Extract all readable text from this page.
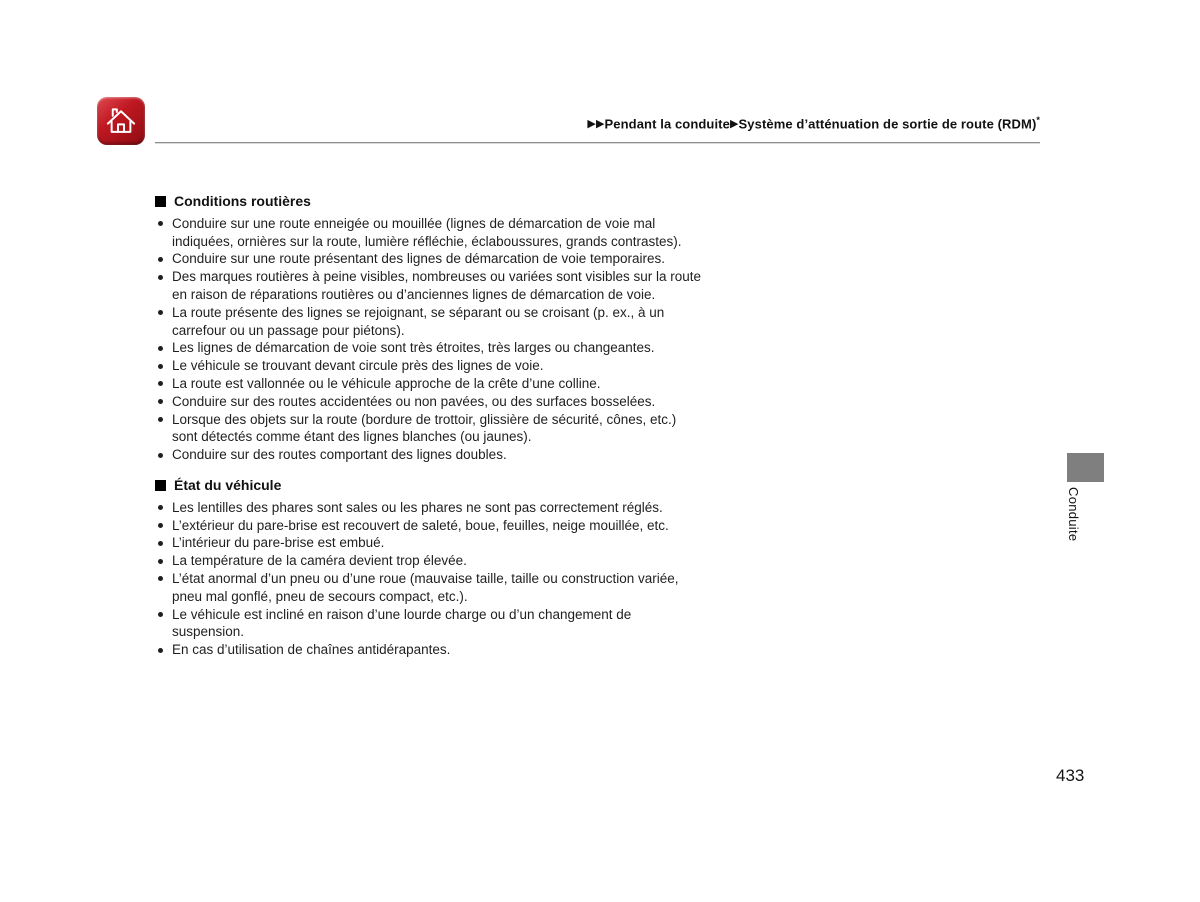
▶▶Pendant la conduite▶Système d’atténuation de sortie de route (RDM)*
Conditions routières
Conduire sur une route enneigée ou mouillée (lignes de démarcation de voie mal indiquées, ornières sur la route, lumière réfléchie, éclaboussures, grands contrastes).
Conduire sur une route présentant des lignes de démarcation de voie temporaires.
Des marques routières à peine visibles, nombreuses ou variées sont visibles sur la route en raison de réparations routières ou d’anciennes lignes de démarcation de voie.
La route présente des lignes se rejoignant, se séparant ou se croisant (p. ex., à un carrefour ou un passage pour piétons).
Les lignes de démarcation de voie sont très étroites, très larges ou changeantes.
Le véhicule se trouvant devant circule près des lignes de voie.
La route est vallonnée ou le véhicule approche de la crête d’une colline.
Conduire sur des routes accidentées ou non pavées, ou des surfaces bosselées.
Lorsque des objets sur la route (bordure de trottoir, glissière de sécurité, cônes, etc.) sont détectés comme étant des lignes blanches (ou jaunes).
Conduire sur des routes comportant des lignes doubles.
État du véhicule
Les lentilles des phares sont sales ou les phares ne sont pas correctement réglés.
L’extérieur du pare-brise est recouvert de saleté, boue, feuilles, neige mouillée, etc.
L’intérieur du pare-brise est embué.
La température de la caméra devient trop élevée.
L’état anormal d’un pneu ou d’une roue (mauvaise taille, taille ou construction variée, pneu mal gonflé, pneu de secours compact, etc.).
Le véhicule est incliné en raison d’une lourde charge ou d’un changement de suspension.
En cas d’utilisation de chaînes antidérapantes.
Conduite
433
